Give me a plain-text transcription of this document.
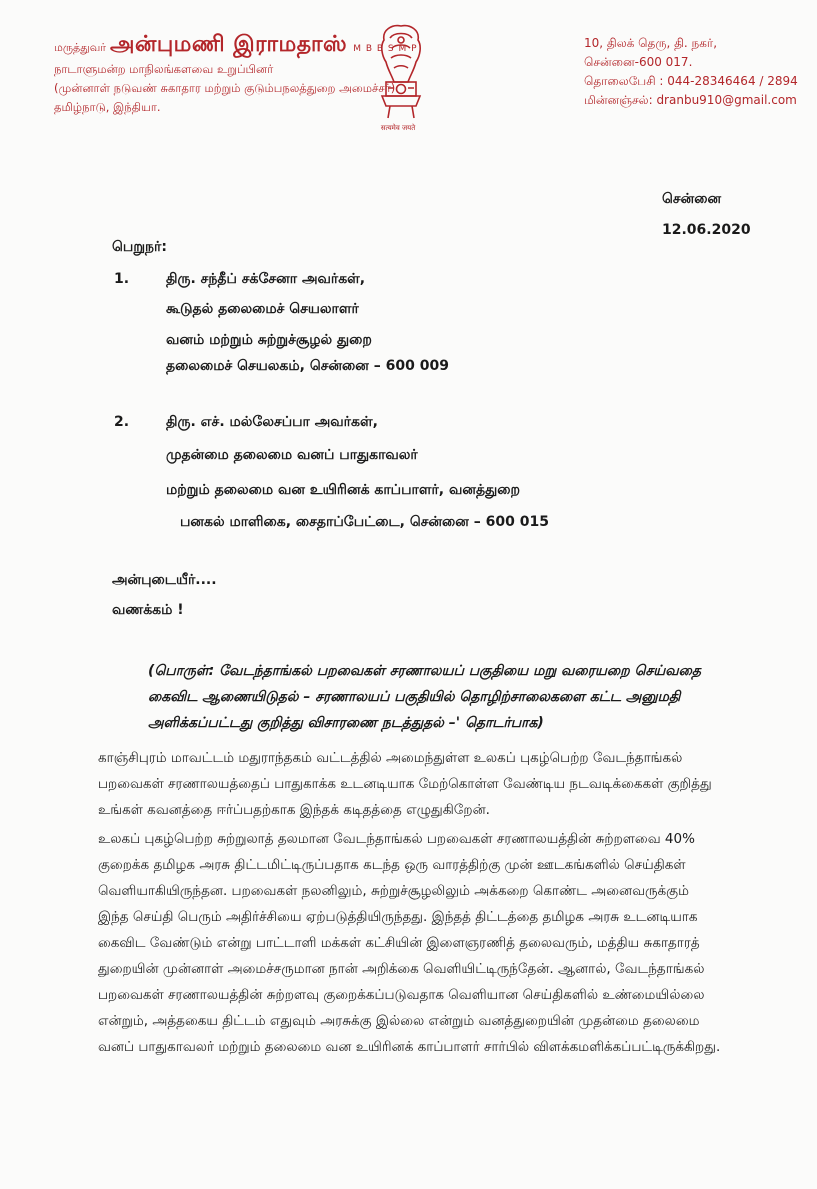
மருத்துவர் அன்புமணி இராமதாஸ் M B B S M P
நாடாளுமன்ற மாநிலங்களவை உறுப்பினர்
(முன்னாள் நடுவண் சுகாதார மற்றும் குடும்பநலத்துறை அமைச்சர்)
தமிழ்நாடு, இந்தியா.
सत्यमेव जयते
10, திலக் தெரு, தி. நகர்,
சென்னை-600 017.
தொலைபேசி : 044-28346464 / 2894
மின்னஞ்சல்: dranbu910@gmail.com
சென்னை
12.06.2020
பெறுநர்:
1.	திரு. சந்தீப் சக்சேனா அவர்கள்,
கூடுதல் தலைமைச் செயலாளர்
வனம் மற்றும் சுற்றுச்சூழல் துறை
தலைமைச் செயலகம், சென்னை – 600 009
2.	திரு. எச். மல்லேசப்பா அவர்கள்,
முதன்மை தலைமை வனப் பாதுகாவலர்
மற்றும் தலைமை வன உயிரினக் காப்பாளர், வனத்துறை
பனகல் மாளிகை, சைதாப்பேட்டை, சென்னை – 600 015
அன்புடையீர்....
வணக்கம் !
(பொருள்: வேடந்தாங்கல் பறவைகள் சரணாலயப் பகுதியை மறு வரையறை செய்வதை
கைவிட ஆணையிடுதல் – சரணாலயப் பகுதியில் தொழிற்சாலைகளை கட்ட அனுமதி
அளிக்கப்பட்டது குறித்து விசாரணை நடத்துதல் –' தொடர்பாக)
காஞ்சிபுரம் மாவட்டம் மதுராந்தகம் வட்டத்தில் அமைந்துள்ள உலகப் புகழ்பெற்ற வேடந்தாங்கல்
பறவைகள் சரணாலயத்தைப் பாதுகாக்க உடனடியாக மேற்கொள்ள வேண்டிய நடவடிக்கைகள் குறித்து
உங்கள் கவனத்தை ஈர்ப்பதற்காக இந்தக் கடிதத்தை எழுதுகிறேன்.
உலகப் புகழ்பெற்ற சுற்றுலாத் தலமான வேடந்தாங்கல் பறவைகள் சரணாலயத்தின் சுற்றளவை 40%
குறைக்க தமிழக அரசு திட்டமிட்டிருப்பதாக கடந்த ஒரு வாரத்திற்கு முன் ஊடகங்களில் செய்திகள்
வெளியாகியிருந்தன. பறவைகள் நலனிலும், சுற்றுச்சூழலிலும் அக்கறை கொண்ட அனைவருக்கும்
இந்த செய்தி பெரும் அதிர்ச்சியை ஏற்படுத்தியிருந்தது. இந்தத் திட்டத்தை தமிழக அரசு உடனடியாக
கைவிட வேண்டும் என்று பாட்டாளி மக்கள் கட்சியின் இளைஞரணித் தலைவரும், மத்திய சுகாதாரத்
துறையின் முன்னாள் அமைச்சருமான நான் அறிக்கை வெளியிட்டிருந்தேன். ஆனால், வேடந்தாங்கல்
பறவைகள் சரணாலயத்தின் சுற்றளவு குறைக்கப்படுவதாக வெளியான செய்திகளில் உண்மையில்லை
என்றும், அத்தகைய திட்டம் எதுவும் அரசுக்கு இல்லை என்றும் வனத்துறையின் முதன்மை தலைமை
வனப் பாதுகாவலர் மற்றும் தலைமை வன உயிரினக் காப்பாளர் சார்பில் விளக்கமளிக்கப்பட்டிருக்கிறது.
